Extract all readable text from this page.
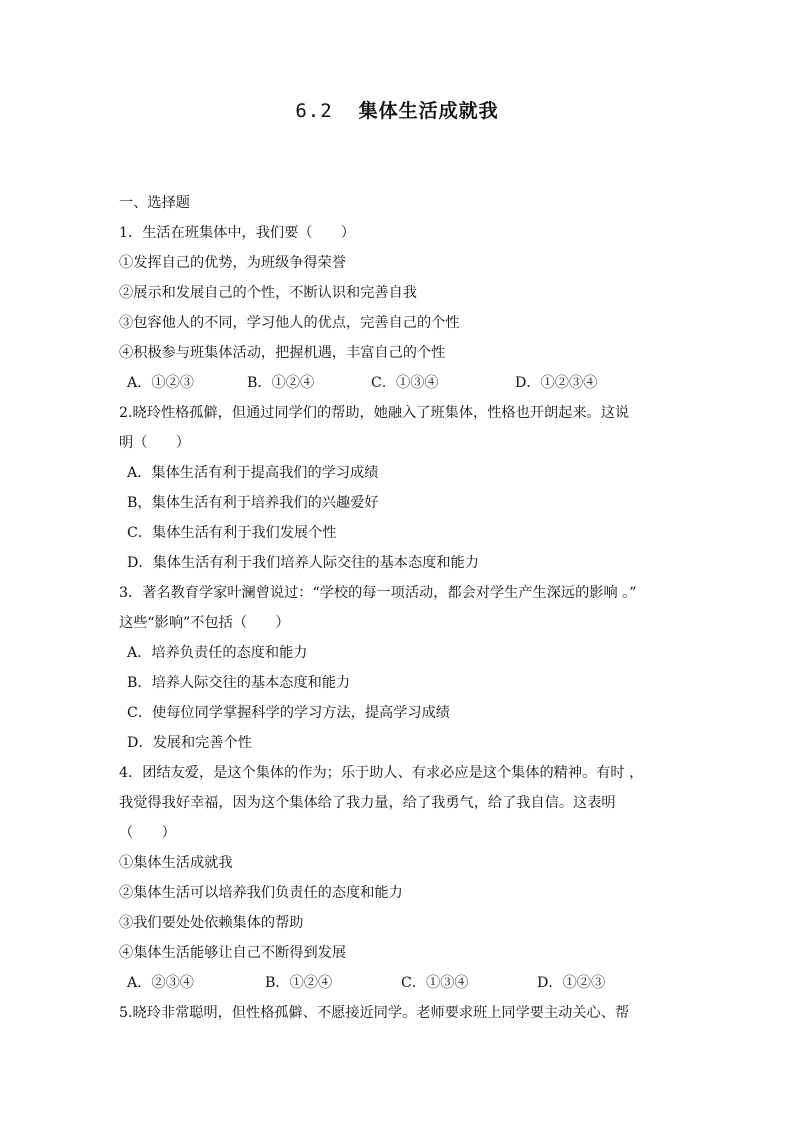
6.2 集体生活成就我
一、选择题
1．生活在班集体中，我们要（　　）
①发挥自己的优势，为班级争得荣誉
②展示和发展自己的个性，不断认识和完善自我
③包容他人的不同，学习他人的优点，完善自己的个性
④积极参与班集体活动，把握机遇，丰富自己的个性
A．①②③	B．①②④	C．①③④	D．①②③④
2.晓玲性格孤僻，但通过同学们的帮助，她融入了班集体，性格也开朗起来。这说
明（　　）
A．集体生活有利于提高我们的学习成绩
B，集体生活有利于培养我们的兴趣爱好
C．集体生活有利于我们发展个性
D．集体生活有利于我们培养人际交往的基本态度和能力
3．著名教育学家叶澜曾说过：“学校的每一项活动，都会对学生产生深远的影响 。”
这些“影响”不包括（　　）
A．培养负责任的态度和能力
B．培养人际交往的基本态度和能力
C．使每位同学掌握科学的学习方法，提高学习成绩
D．发展和完善个性
4．团结友爱，是这个集体的作为；乐于助人、有求必应是这个集体的精神。有时 ，
我觉得我好幸福，因为这个集体给了我力量，给了我勇气，给了我自信。这表明
（　　）
①集体生活成就我
②集体生活可以培养我们负责任的态度和能力
③我们要处处依赖集体的帮助
④集体生活能够让自己不断得到发展
A．②③④	B．①②④	C．①③④	D．①②③
5.晓玲非常聪明，但性格孤僻、不愿接近同学。老师要求班上同学要主动关心、帮
